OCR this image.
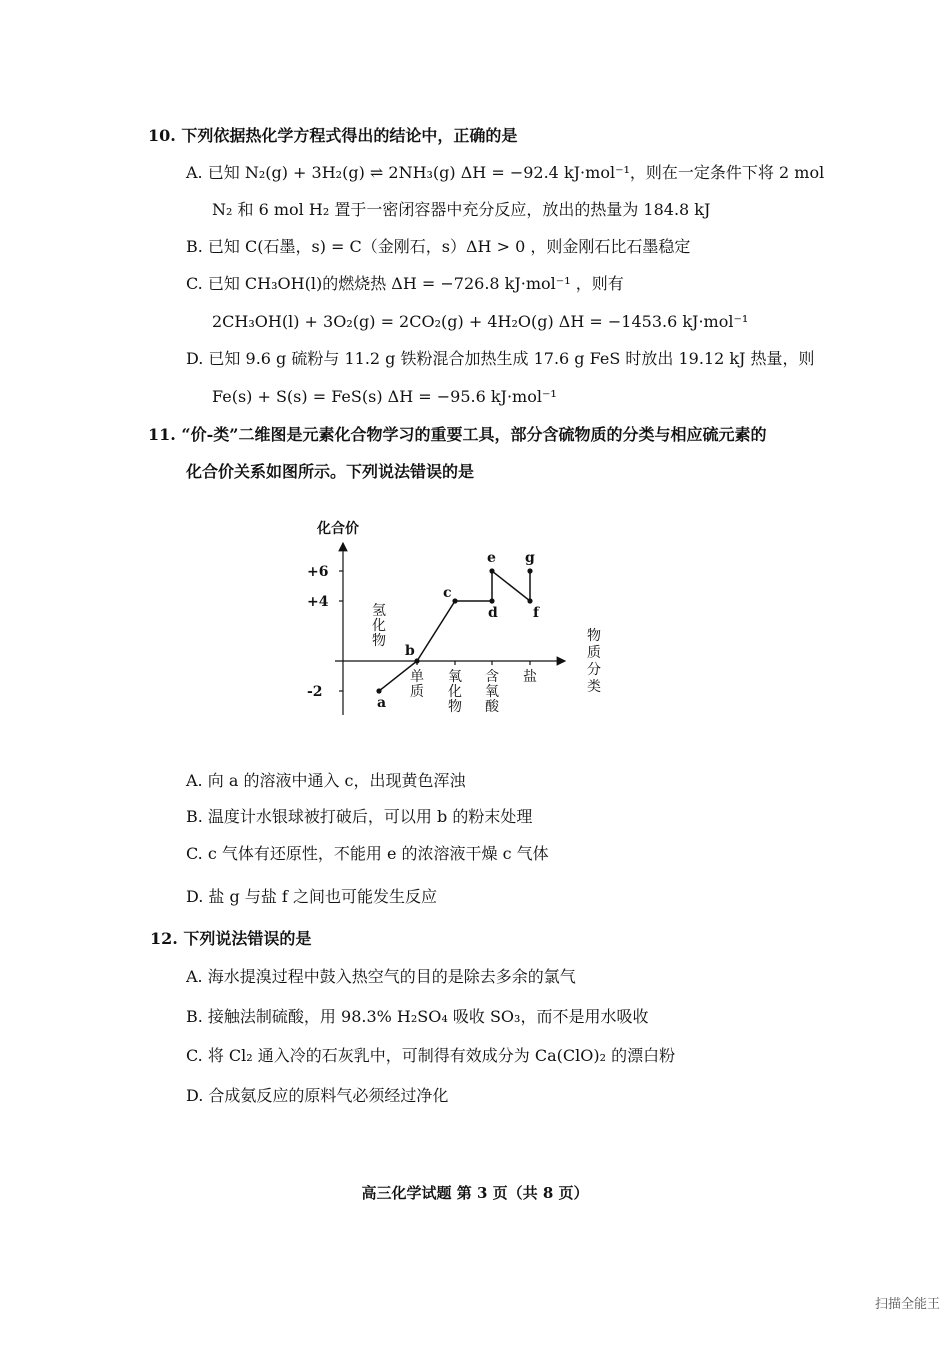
10. 下列依据热化学方程式得出的结论中，正确的是
A. 已知 N₂(g) + 3H₂(g) ⇌ 2NH₃(g) ΔH = −92.4 kJ·mol⁻¹，则在一定条件下将 2 mol
N₂ 和 6 mol H₂ 置于一密闭容器中充分反应，放出的热量为 184.8 kJ
B. 已知 C(石墨，s) = C（金刚石，s）ΔH > 0 ，则金刚石比石墨稳定
C. 已知 CH₃OH(l)的燃烧热 ΔH = −726.8 kJ·mol⁻¹ ，则有
2CH₃OH(l) + 3O₂(g) = 2CO₂(g) + 4H₂O(g) ΔH = −1453.6 kJ·mol⁻¹
D. 已知 9.6 g 硫粉与 11.2 g 铁粉混合加热生成 17.6 g FeS 时放出 19.12 kJ 热量，则
Fe(s) + S(s) = FeS(s) ΔH = −95.6 kJ·mol⁻¹
11. “价-类”二维图是元素化合物学习的重要工具，部分含硫物质的分类与相应硫元素的
化合价关系如图所示。下列说法错误的是
化合价
+6
+4
-2
氢化物
单质
氧化物
含氧酸
盐
a
b
c
d
e
f
g
物质分类
A. 向 a 的溶液中通入 c，出现黄色浑浊
B. 温度计水银球被打破后，可以用 b 的粉末处理
C. c 气体有还原性，不能用 e 的浓溶液干燥 c 气体
D. 盐 g 与盐 f 之间也可能发生反应
12. 下列说法错误的是
A. 海水提溴过程中鼓入热空气的目的是除去多余的氯气
B. 接触法制硫酸，用 98.3% H₂SO₄ 吸收 SO₃，而不是用水吸收
C. 将 Cl₂ 通入冷的石灰乳中，可制得有效成分为 Ca(ClO)₂ 的漂白粉
D. 合成氨反应的原料气必须经过净化
高三化学试题 第 3 页（共 8 页）
扫描全能王
